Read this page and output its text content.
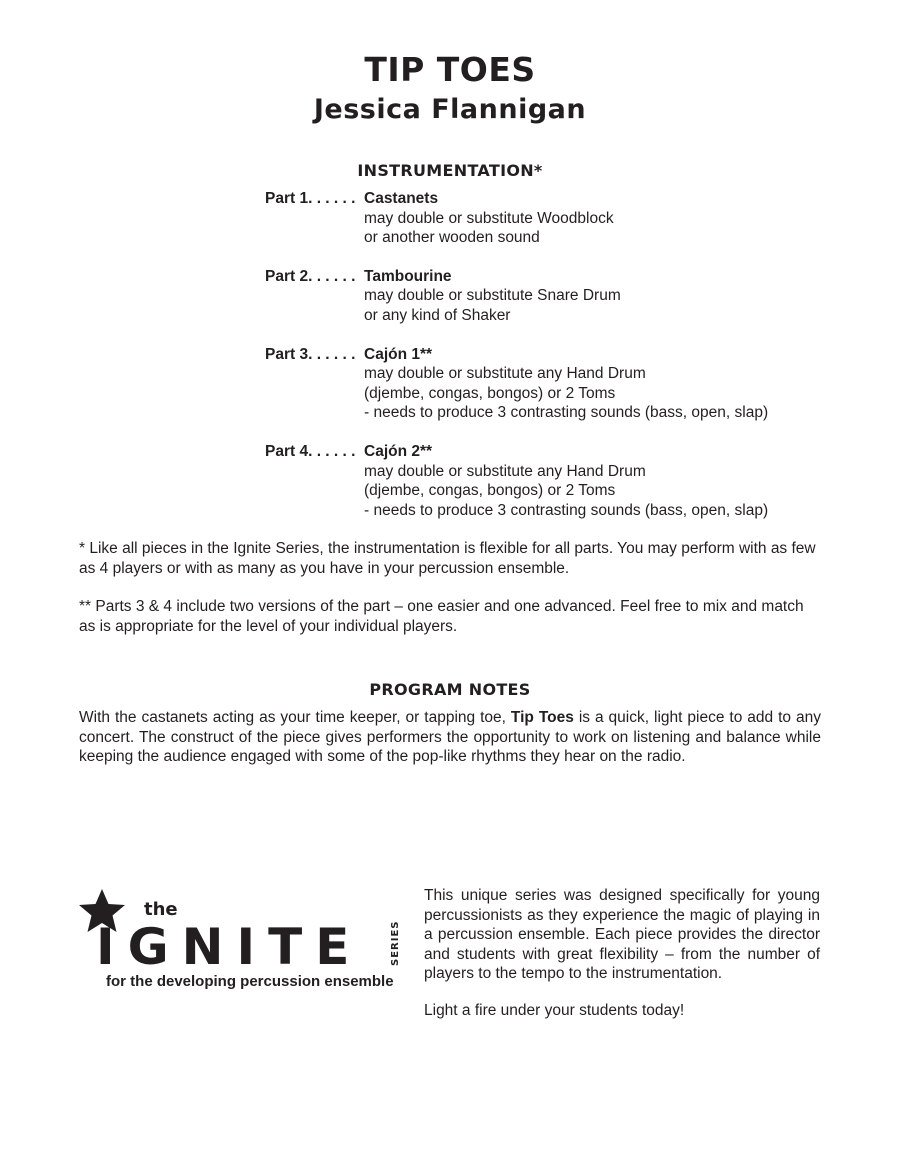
TIP TOES
Jessica Flannigan
INSTRUMENTATION*
Part 1. . . . . . Castanets
may double or substitute Woodblock
or another wooden sound
Part 2. . . . . . Tambourine
may double or substitute Snare Drum
or any kind of Shaker
Part 3. . . . . . Cajón 1**
may double or substitute any Hand Drum
(djembe, congas, bongos) or 2 Toms
- needs to produce 3 contrasting sounds (bass, open, slap)
Part 4. . . . . . Cajón 2**
may double or substitute any Hand Drum
(djembe, congas, bongos) or 2 Toms
- needs to produce 3 contrasting sounds (bass, open, slap)
* Like all pieces in the Ignite Series, the instrumentation is flexible for all parts. You may perform with as few as 4 players or with as many as you have in your percussion ensemble.
** Parts 3 & 4 include two versions of the part – one easier and one advanced. Feel free to mix and match as is appropriate for the level of your individual players.
PROGRAM NOTES
With the castanets acting as your time keeper, or tapping toe, Tip Toes is a quick, light piece to add to any concert. The construct of the piece gives performers the opportunity to work on listening and balance while keeping the audience engaged with some of the pop-like rhythms they hear on the radio.
the
IGNITE	SERIES
for the developing percussion ensemble
This unique series was designed specifically for young percussionists as they experience the magic of playing in a percussion ensemble. Each piece provides the director and students with great flexibility – from the number of players to the tempo to the instrumentation.
Light a fire under your students today!
